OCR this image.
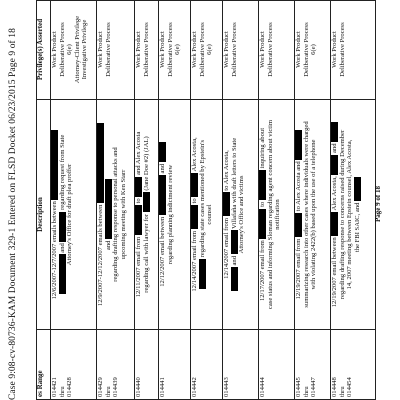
Case 9:08-cv-80736-KAM Document 329-1 Entered on FLSD Docket 06/23/2015 Page 9 of 18	es Range
Description
Privilege(s) Asserted
014421 thru 014428
12/6/2007-12/7/2007 emails between and  regarding request from State Attorney's Office for draft plea proffer
Work Product Deliberative Process 6(e) Attorney-Client Privilege Investigative Privilege
014429 thru 014439
12/9/2007-12/12/2007 emails between and regarding drafting response to personal attacks and upcoming meeting with Ken Starr
Work Product Deliberative Process
014440
12/11/2007 email from  to  and Alex Acosta
regarding call with lawyer for  (Jane Doe #2) (JAL)
Work Product Deliberative Process
014441
12/12/2007 email between  and regarding planning indictment review
Work Product Deliberative Process 6(e)
014442
12/14/2007 email from  to  Alex Acosta, regarding state cases mentioned by Epstein's counsel
Work Product Deliberative Process 6(e)
014443
12/14/2007 email from  to Alex Acosta,
and  Villafaña with draft letters to State Attorney's Office and victims
Work Product Deliberative Process
014444
12/17/2007 email from  to  inquiring about case status and informing Sloman regarding agent concern about victim notification
Work Product Deliberative Process
014445 thru 014447
12/19/2007 email from  to Alex Acosta and summarizing research into other cases where individuals were charged with violating 2422(b) based upon the use of a telephone
Work Product Deliberative Process 6(e)
014448 thru 014454
12/19/2007 email between  Alex Acosta,  and regarding drafting response to concerns raised during December 14, 2007 meeting between Epstein counsel, Alex Acosta, the FBI SAIC, and
Work Product Deliberative Process
Page 9 of 18
